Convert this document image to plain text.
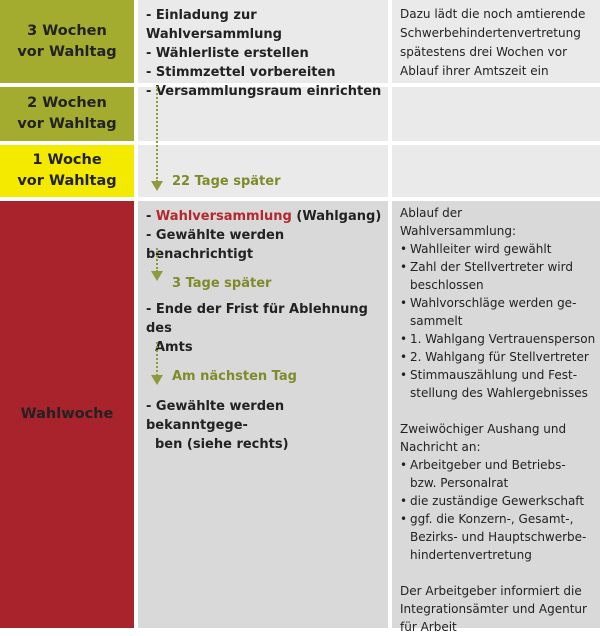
3 Wochen
vor Wahltag
2 Wochen
vor Wahltag
1 Woche
vor Wahltag
Wahlwoche
- Einladung zur Wahlversammlung
- Wählerliste erstellen
- Stimmzettel vorbereiten
- Versammlungsraum einrichten
Dazu lädt die noch amtierende
Schwerbehindertenvertretung
spätestens drei Wochen vor
Ablauf ihrer Amtszeit ein
22 Tage später
- Wahlversammlung (Wahlgang)
- Gewählte werden benachrichtigt
3 Tage später
- Ende der Frist für Ablehnung des
Amts
Am nächsten Tag
- Gewählte werden bekanntgege-
ben (siehe rechts)
Ablauf der
Wahlversammlung:
• Wahlleiter wird gewählt
• Zahl der Stellvertreter wird
beschlossen
• Wahlvorschläge werden ge-
sammelt
• 1. Wahlgang Vertrauensperson
• 2. Wahlgang für Stellvertreter
• Stimmauszählung und Fest-
stellung des Wahlergebnisses
Zweiwöchiger Aushang und
Nachricht an:
• Arbeitgeber und Betriebs-
bzw. Personalrat
• die zuständige Gewerkschaft
• ggf. die Konzern-, Gesamt-,
Bezirks- und Hauptschwerbe-
hindertenvertretung
Der Arbeitgeber informiert die
Integrationsämter und Agentur
für Arbeit
